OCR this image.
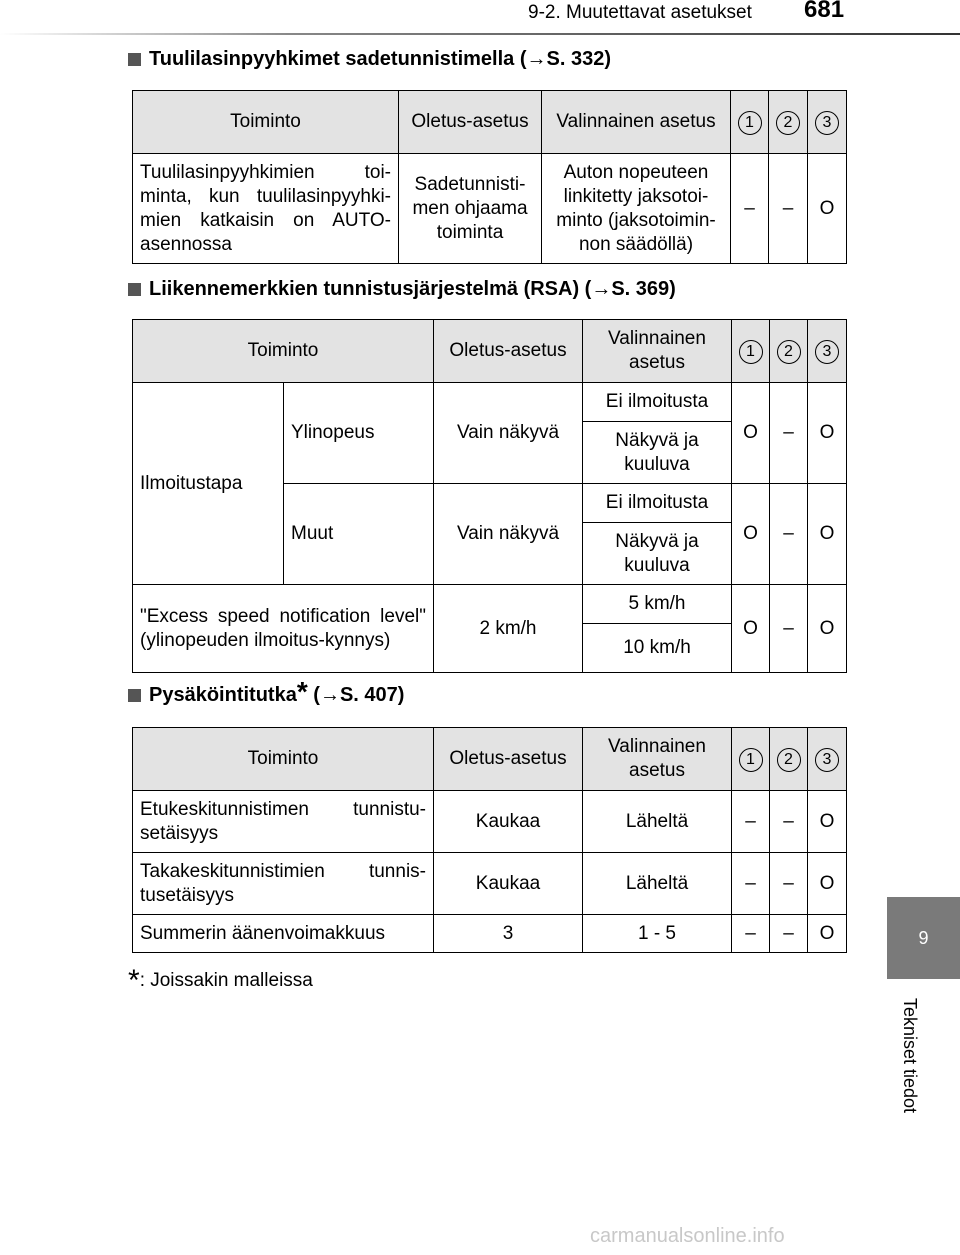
9-2. Muutettavat asetukset 681
Tuulilasinpyyhkimet sadetunnistimella ( → S. 332)
Toiminto	Oletus-asetus	Valinnainen asetus	1	2	3
Tuulilasinpyyhkimien toi-minta, kun tuulilasinpyyhki-mien katkaisin on AUTO-asennossa	Sadetunnisti-men ohjaama toiminta	Auton nopeuteen linkitetty jaksotoi-minto (jaksotoimin-non säädöllä)	–	–	O
Liikennemerkkien tunnistusjärjestelmä (RSA) ( → S. 369)
Toiminto		Oletus-asetus	Valinnainen asetus	1	2	3
Ilmoitustapa	Ylinopeus	Vain näkyvä	Ei ilmoitusta	O	–	O
			Näkyvä ja kuuluva			
	Muut	Vain näkyvä	Ei ilmoitusta	O	–	O
			Näkyvä ja kuuluva			
"Excess speed notification level" (ylinopeuden ilmoitus-kynnys)		2 km/h	5 km/h	O	–	O
			10 km/h			
Pysäköintitutka * ( → S. 407)
Toiminto	Oletus-asetus	Valinnainen asetus	1	2	3
Etukeskitunnistimen tunnistu-setäisyys	Kaukaa	Läheltä	–	–	O
Takakeskitunnistimien tunnis-tusetäisyys	Kaukaa	Läheltä	–	–	O
Summerin äänenvoimakkuus	3	1 - 5	–	–	O
*: Joissakin malleissa
9
Tekniset tiedot
carmanualsonline.info
